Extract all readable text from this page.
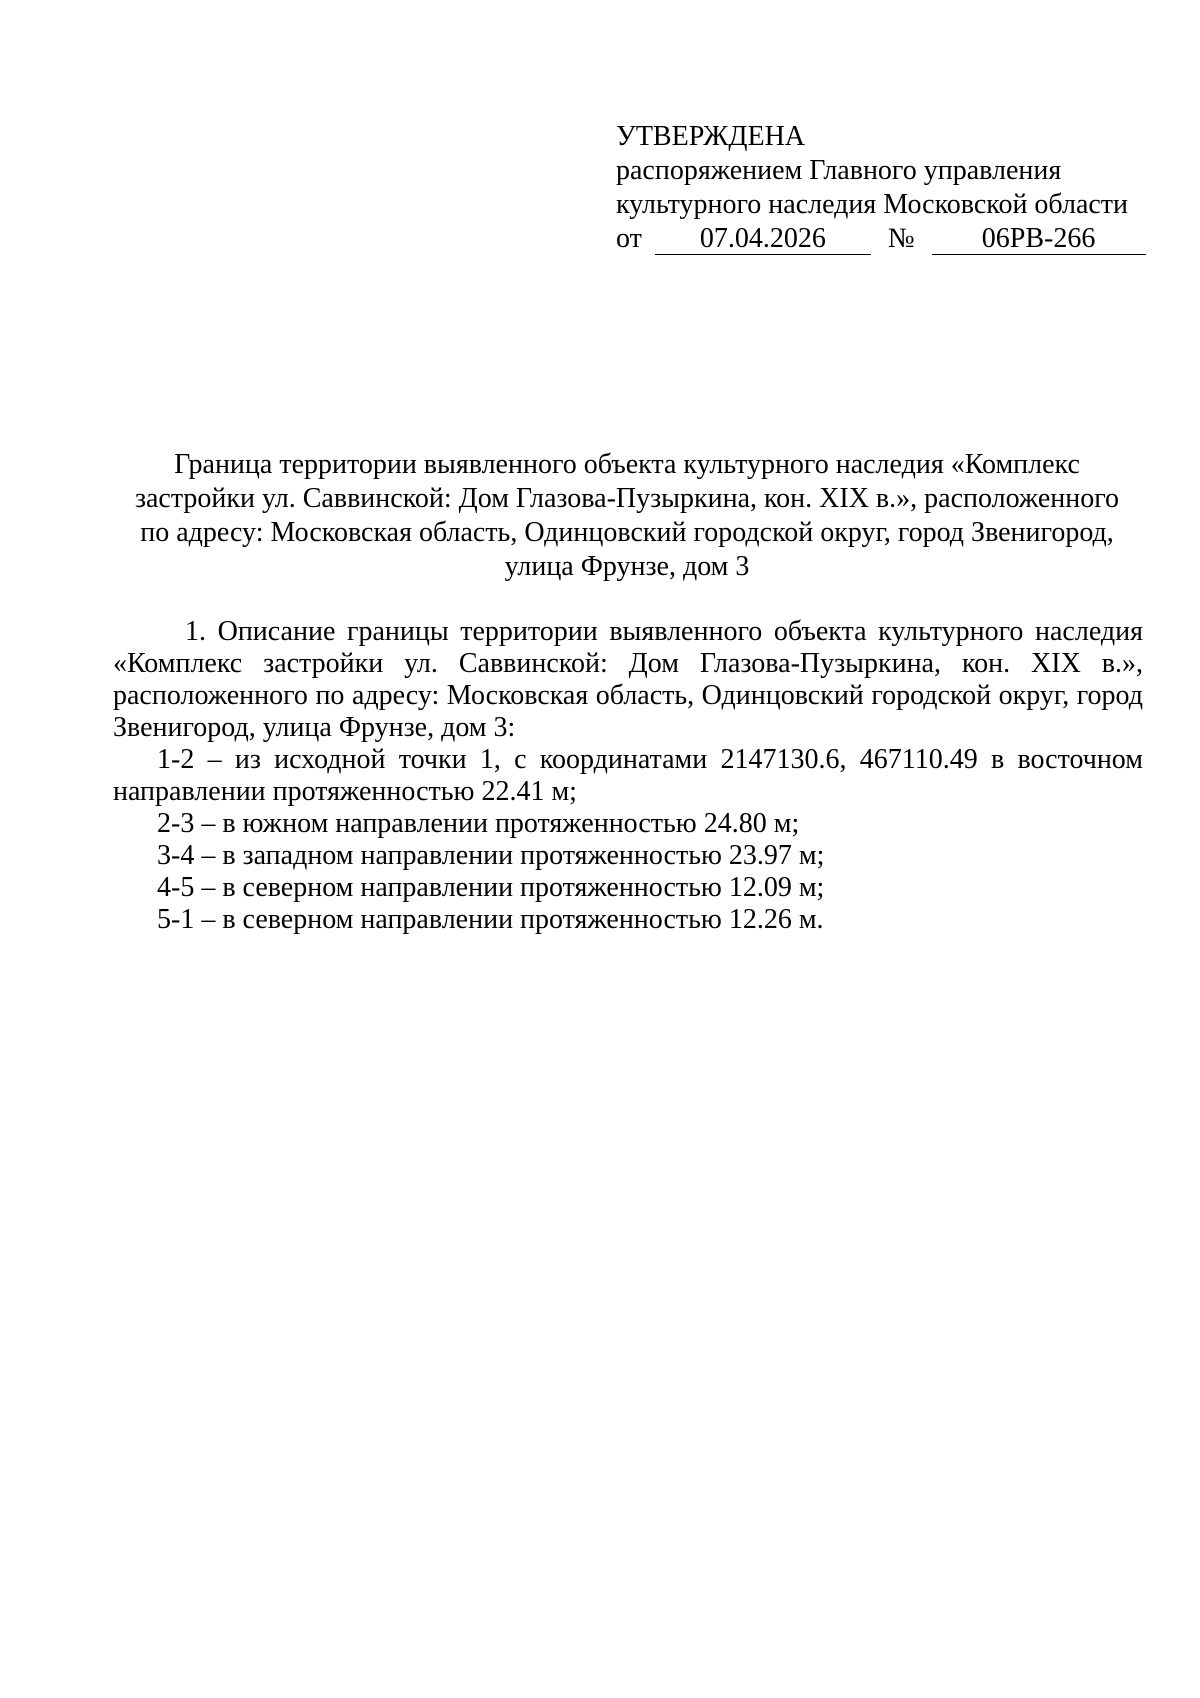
УТВЕРЖДЕНА
распоряжением Главного управления
культурного наследия Московской области
от 07.04.2026 № 06РВ-266
Граница территории выявленного объекта культурного наследия «Комплекс
застройки ул. Саввинской: Дом Глазова-Пузыркина, кон. XIX в.», расположенного
по адресу: Московская область, Одинцовский городской округ, город Звенигород,
улица Фрунзе, дом 3

1. Описание границы территории выявленного объекта культурного наследия «Комплекс застройки ул. Саввинской: Дом Глазова-Пузыркина, кон. XIX в.», расположенного по адресу: Московская область, Одинцовский городской округ, город Звенигород, улица Фрунзе, дом 3:

1-2 – из исходной точки 1, с координатами 2147130.6, 467110.49 в восточном направлении протяженностью 22.41 м;

2-3 – в южном направлении протяженностью 24.80 м;

3-4 – в западном направлении протяженностью 23.97 м;

4-5 – в северном направлении протяженностью 12.09 м;

5-1 – в северном направлении протяженностью 12.26 м.
